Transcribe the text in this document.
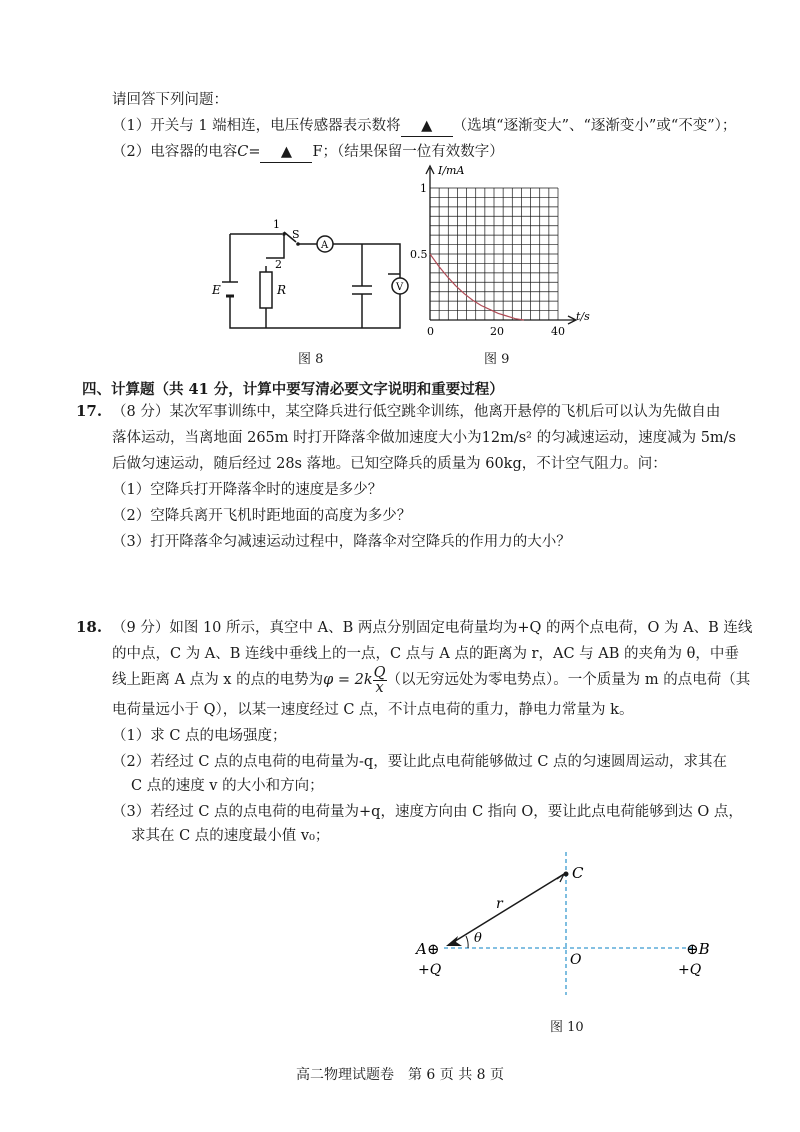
请回答下列问题：
（1）开关与 1 端相连，电压传感器表示数将 ▲ （选填“逐渐变大”、“逐渐变小”或“不变”）；
（2）电容器的电容C= ▲ F；（结果保留一位有效数字）
E	R
S
1
2
A
V
图 8
I/mA
t/s
1
0.5
0	20	40
图 9
四、计算题（共 41 分，计算中要写清必要文字说明和重要过程）
17. （8 分）某次军事训练中，某空降兵进行低空跳伞训练，他离开悬停的飞机后可以认为先做自由
落体运动，当离地面 265m 时打开降落伞做加速度大小为12m/s² 的匀减速运动，速度减为 5m/s
后做匀速运动，随后经过 28s 落地。已知空降兵的质量为 60kg，不计空气阻力。问：
（1）空降兵打开降落伞时的速度是多少？
（2）空降兵离开飞机时距地面的高度为多少？
（3）打开降落伞匀减速运动过程中，降落伞对空降兵的作用力的大小？
18. （9 分）如图 10 所示，真空中 A、B 两点分别固定电荷量均为+Q 的两个点电荷，O 为 A、B 连线
的中点，C 为 A、B 连线中垂线上的一点，C 点与 A 点的距离为 r，AC 与 AB 的夹角为 θ，中垂
线上距离 A 点为 x 的点的电势为$\varphi = 2k \frac{Q}{x}$ （以无穷远处为零电势点）。一个质量为 m 的点电荷（其
电荷量远小于 Q），以某一速度经过 C 点，不计点电荷的重力，静电力常量为 k。
（1）求 C 点的电场强度；
（2）若经过 C 点的点电荷的电荷量为-q，要让此点电荷能够做过 C 点的匀速圆周运动，求其在
C 点的速度 v 的大小和方向；
（3）若经过 C 点的点电荷的电荷量为+q，速度方向由 C 指向 O，要让此点电荷能够到达 O 点，
求其在 C 点的速度最小值 v₀；
C
r
θ
A⊕	⊕B
O
+Q	+Q
图 10
高二物理试题卷　第 6 页 共 8 页
